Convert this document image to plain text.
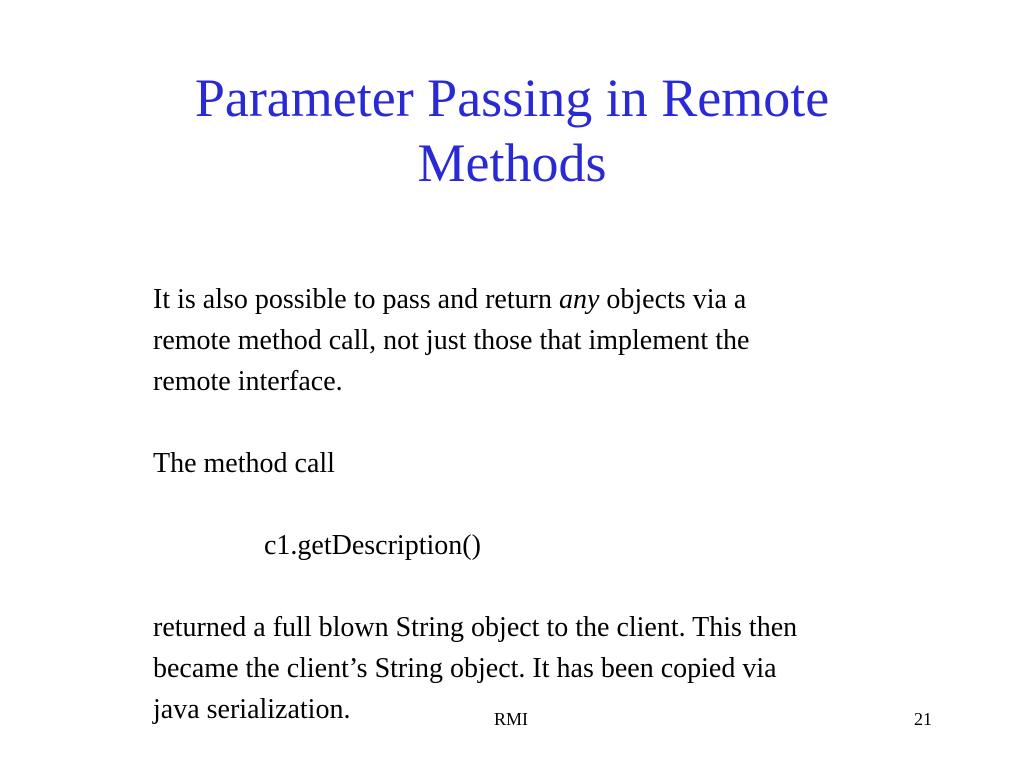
Parameter Passing in Remote
Methods

It is also possible to pass and return any objects via a
remote method call, not just those that implement the
remote interface.

The method call

c1.getDescription()

returned a full blown String object to the client. This then
became the client’s String object. It has been copied via
java serialization.	RMI	21
